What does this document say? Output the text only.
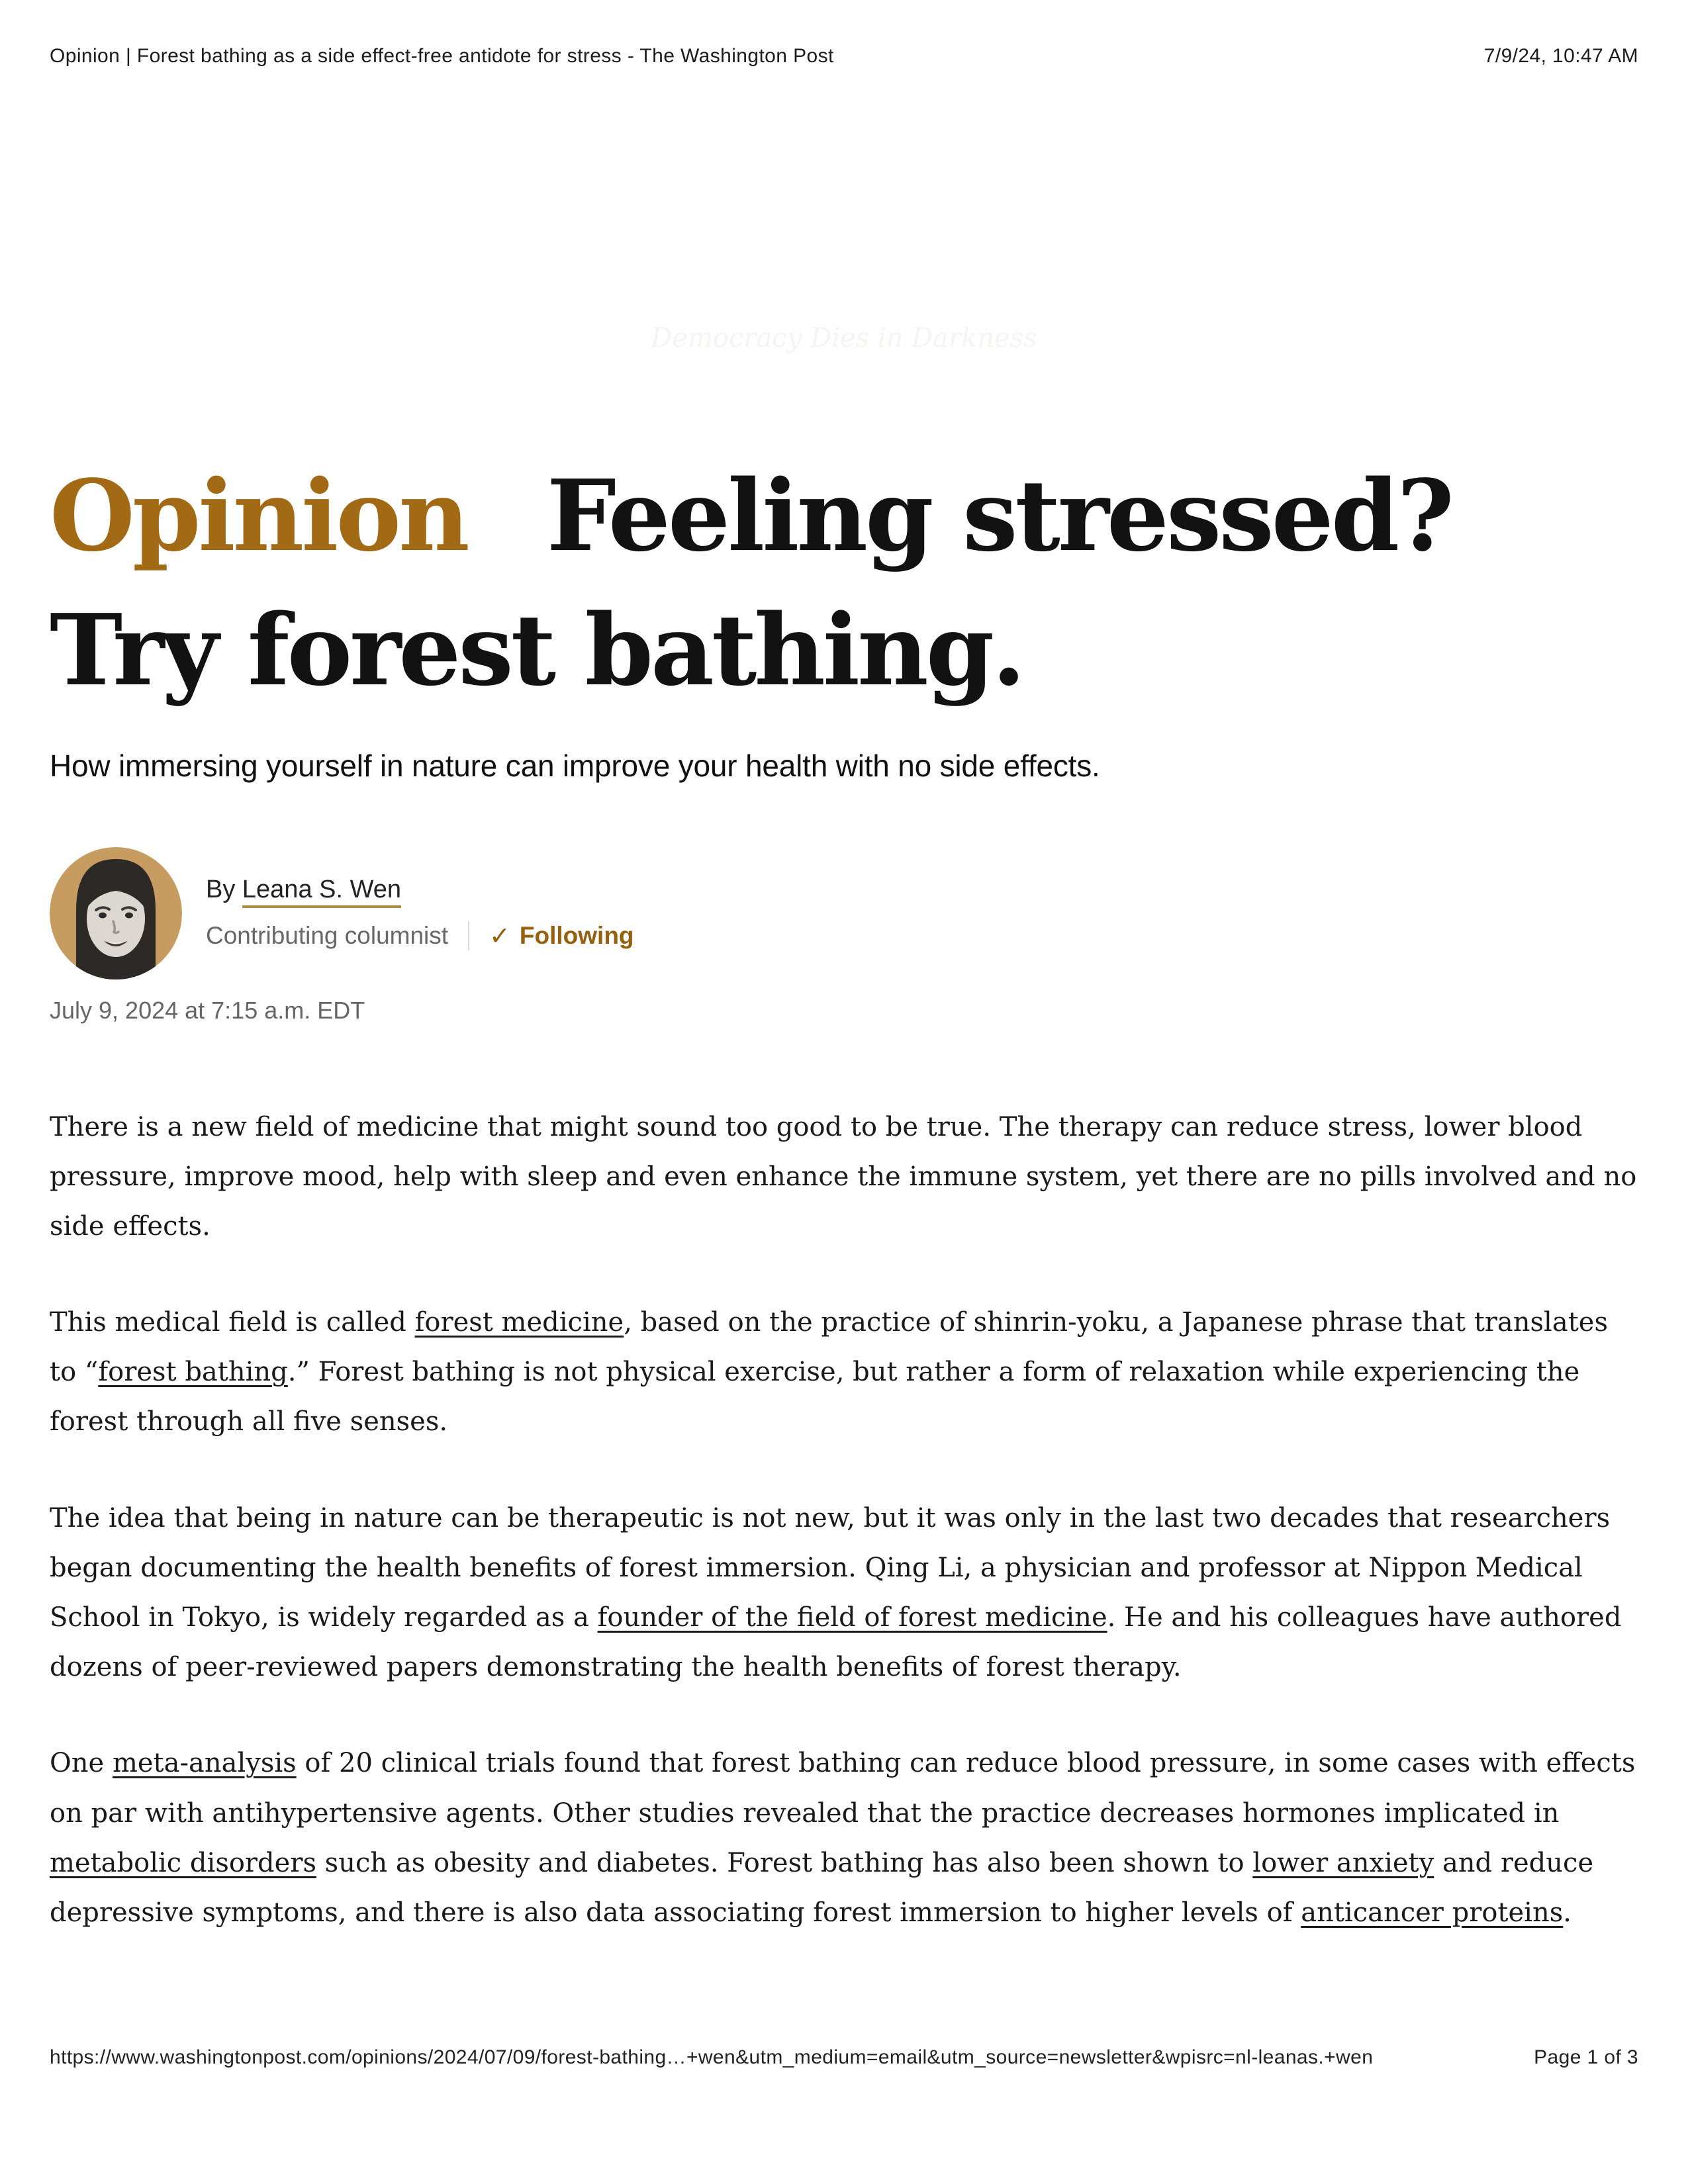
Opinion | Forest bathing as a side effect-free antidote for stress - The Washington Post	7/9/24, 10:47 AM
Democracy Dies in Darkness
Opinion Feeling stressed?
Try forest bathing.
How immersing yourself in nature can improve your health with no side effects.
By Leana S. Wen
Contributing columnist ✓ Following
July 9, 2024 at 7:15 a.m. EDT

There is a new field of medicine that might sound too good to be true. The therapy can reduce stress, lower blood pressure, improve mood, help with sleep and even enhance the immune system, yet there are no pills involved and no side effects.

This medical field is called forest medicine, based on the practice of shinrin-yoku, a Japanese phrase that translates to “forest bathing.” Forest bathing is not physical exercise, but rather a form of relaxation while experiencing the forest through all five senses.

The idea that being in nature can be therapeutic is not new, but it was only in the last two decades that researchers began documenting the health benefits of forest immersion. Qing Li, a physician and professor at Nippon Medical School in Tokyo, is widely regarded as a founder of the field of forest medicine. He and his colleagues have authored dozens of peer-reviewed papers demonstrating the health benefits of forest therapy.

One meta-analysis of 20 clinical trials found that forest bathing can reduce blood pressure, in some cases with effects on par with antihypertensive agents. Other studies revealed that the practice decreases hormones implicated in metabolic disorders such as obesity and diabetes. Forest bathing has also been shown to lower anxiety and reduce depressive symptoms, and there is also data associating forest immersion to higher levels of anticancer proteins.

https://www.washingtonpost.com/opinions/2024/07/09/forest-bathing…+wen&utm_medium=email&utm_source=newsletter&wpisrc=nl-leanas.+wen	Page 1 of 3
